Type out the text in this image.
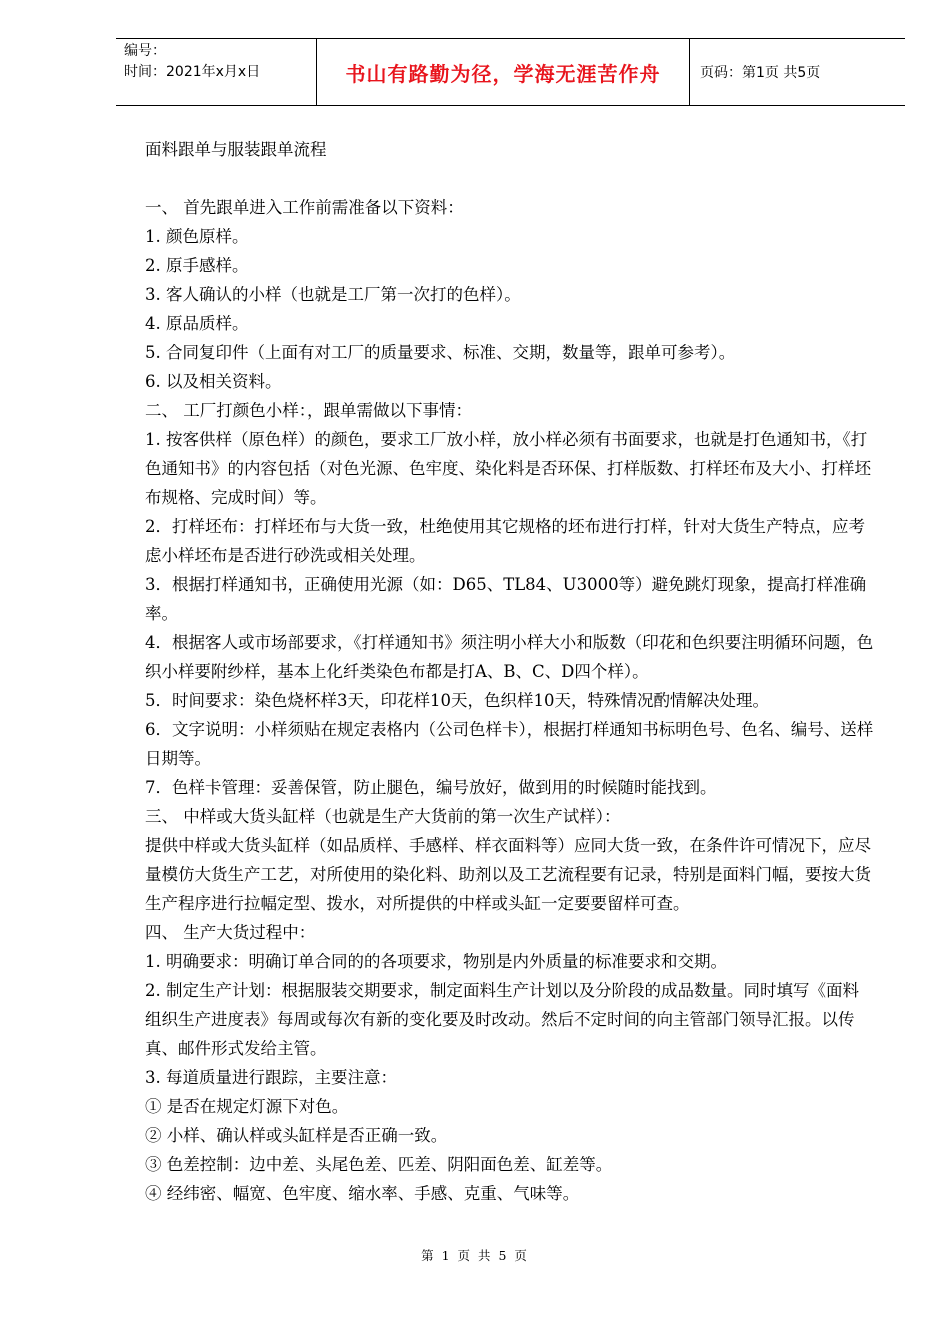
编号：
时间：2021年x月x日	书山有路勤为径，学海无涯苦作舟	页码：第1页 共5页

面料跟单与服装跟单流程

一、 首先跟单进入工作前需准备以下资料：

1. 颜色原样。

2. 原手感样。

3. 客人确认的小样（也就是工厂第一次打的色样）。

4. 原品质样。

5. 合同复印件（上面有对工厂的质量要求、标准、交期，数量等，跟单可参考）。

6. 以及相关资料。

二、 工厂打颜色小样：，跟单需做以下事情：

1. 按客供样（原色样）的颜色，要求工厂放小样，放小样必须有书面要求，也就是打色通知书，《打色通知书》的内容包括（对色光源、色牢度、染化料是否环保、打样版数、打样坯布及大小、打样坯布规格、完成时间）等。

2．打样坯布：打样坯布与大货一致，杜绝使用其它规格的坯布进行打样，针对大货生产特点，应考虑小样坯布是否进行砂洗或相关处理。

3．根据打样通知书，正确使用光源（如：D65、TL84、U3000等）避免跳灯现象，提高打样准确率。

4．根据客人或市场部要求，《打样通知书》须注明小样大小和版数（印花和色织要注明循环问题，色织小样要附纱样，基本上化纤类染色布都是打A、B、C、D四个样）。

5．时间要求：染色烧杯样3天，印花样10天，色织样10天，特殊情况酌情解决处理。

6．文字说明：小样须贴在规定表格内（公司色样卡），根据打样通知书标明色号、色名、编号、送样日期等。

7．色样卡管理：妥善保管，防止腿色，编号放好，做到用的时候随时能找到。

三、 中样或大货头缸样（也就是生产大货前的第一次生产试样）：

提供中样或大货头缸样（如品质样、手感样、样衣面料等）应同大货一致，在条件许可情况下，应尽量模仿大货生产工艺，对所使用的染化料、助剂以及工艺流程要有记录，特别是面料门幅，要按大货生产程序进行拉幅定型、拨水，对所提供的中样或头缸一定要要留样可查。

四、 生产大货过程中：

1. 明确要求：明确订单合同的的各项要求，物别是内外质量的标准要求和交期。

2. 制定生产计划：根据服装交期要求，制定面料生产计划以及分阶段的成品数量。同时填写《面料组织生产进度表》每周或每次有新的变化要及时改动。然后不定时间的向主管部门领导汇报。以传真、邮件形式发给主管。

3. 每道质量进行跟踪，主要注意：

① 是否在规定灯源下对色。

② 小样、确认样或头缸样是否正确一致。

③ 色差控制：边中差、头尾色差、匹差、阴阳面色差、缸差等。

④ 经纬密、幅宽、色牢度、缩水率、手感、克重、气味等。

第 1 页 共 5 页
